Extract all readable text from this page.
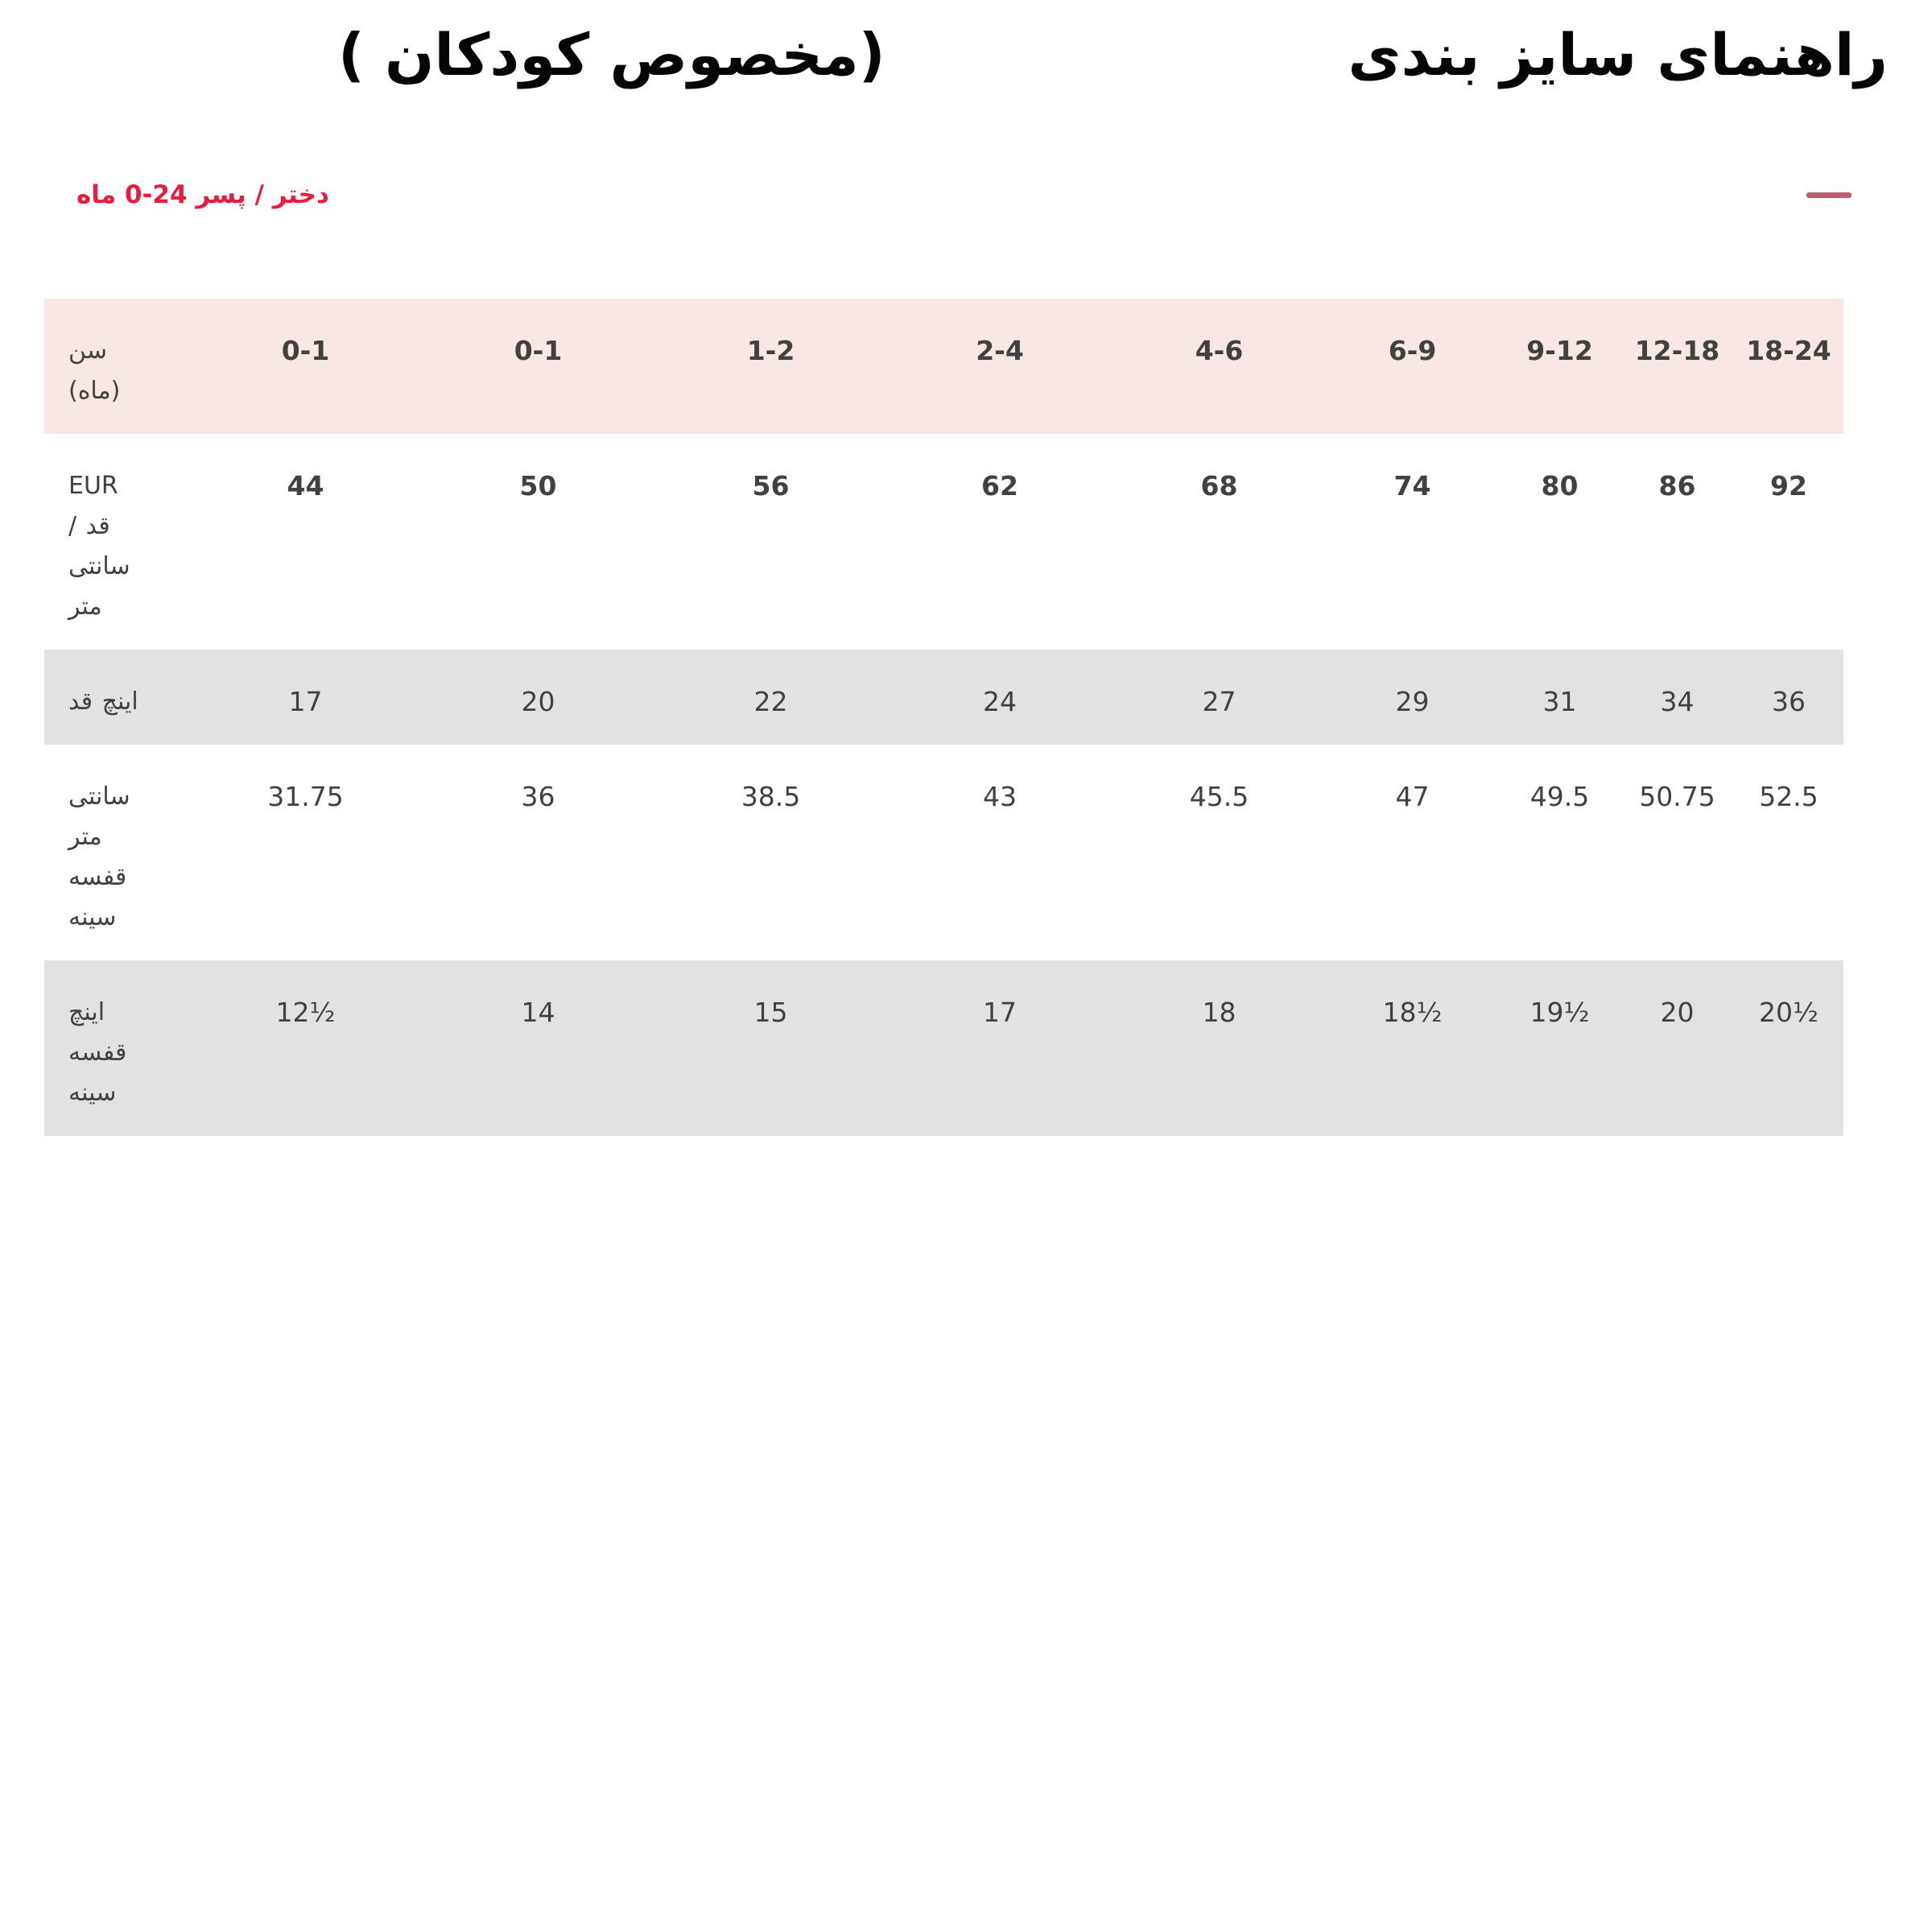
(مخصوص کودکان )	راهنمای سایز بندی
دختر / پسر 24-0 ماه
سن (ماه)	0-1	0-1	1-2	2-4	4-6	6-9	9-12	12-18	18-24
EUR قد / سانتی متر	44	50	56	62	68	74	80	86	92
اینچ قد	17	20	22	24	27	29	31	34	36
سانتی متر قفسه سینه	31.75	36	38.5	43	45.5	47	49.5	50.75	52.5
اینچ قفسه سینه	12½	14	15	17	18	18½	19½	20	20½
